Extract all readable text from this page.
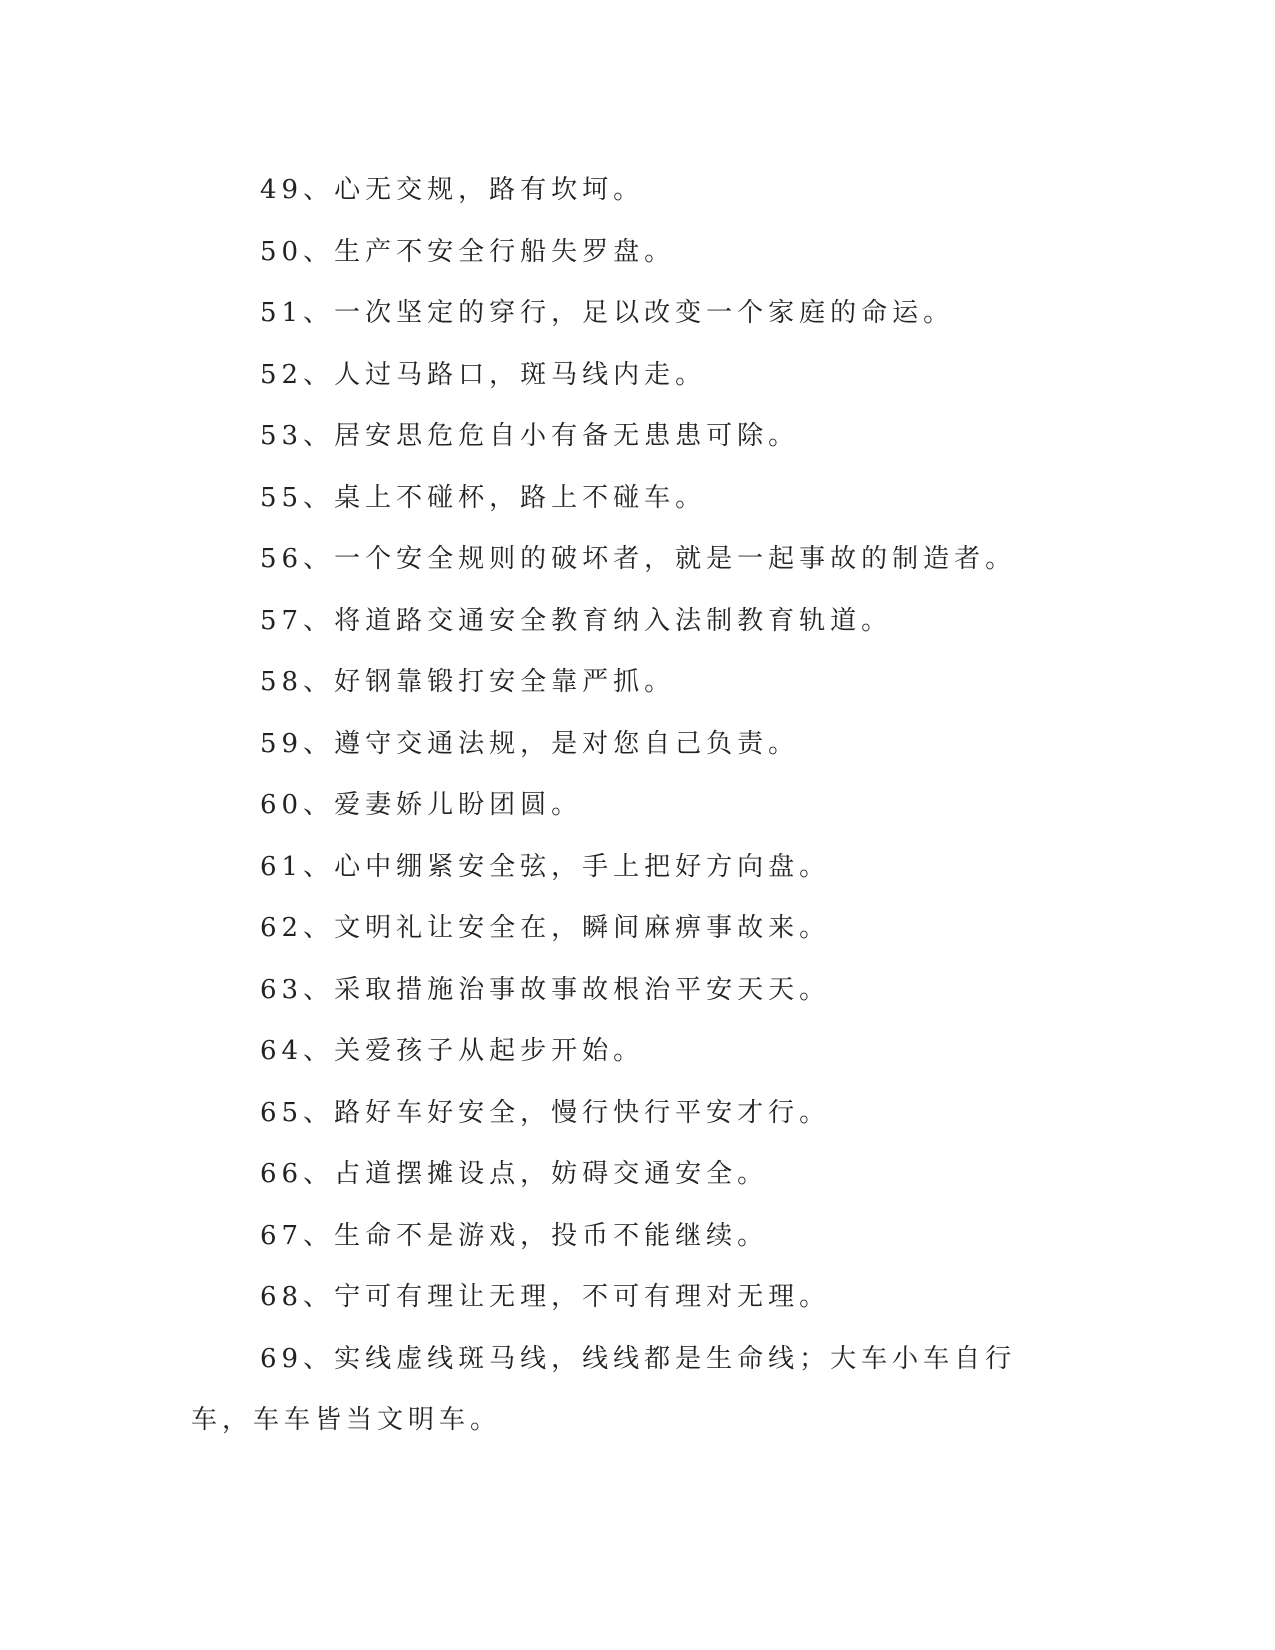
49、心无交规，路有坎坷。
50、生产不安全行船失罗盘。
51、一次坚定的穿行，足以改变一个家庭的命运。
52、人过马路口，斑马线内走。
53、居安思危危自小有备无患患可除。
55、桌上不碰杯，路上不碰车。
56、一个安全规则的破坏者，就是一起事故的制造者。
57、将道路交通安全教育纳入法制教育轨道。
58、好钢靠锻打安全靠严抓。
59、遵守交通法规，是对您自己负责。
60、爱妻娇儿盼团圆。
61、心中绷紧安全弦，手上把好方向盘。
62、文明礼让安全在，瞬间麻痹事故来。
63、采取措施治事故事故根治平安天天。
64、关爱孩子从起步开始。
65、路好车好安全，慢行快行平安才行。
66、占道摆摊设点，妨碍交通安全。
67、生命不是游戏，投币不能继续。
68、宁可有理让无理，不可有理对无理。
69、实线虚线斑马线，线线都是生命线；大车小车自行车，车车皆当文明车。
